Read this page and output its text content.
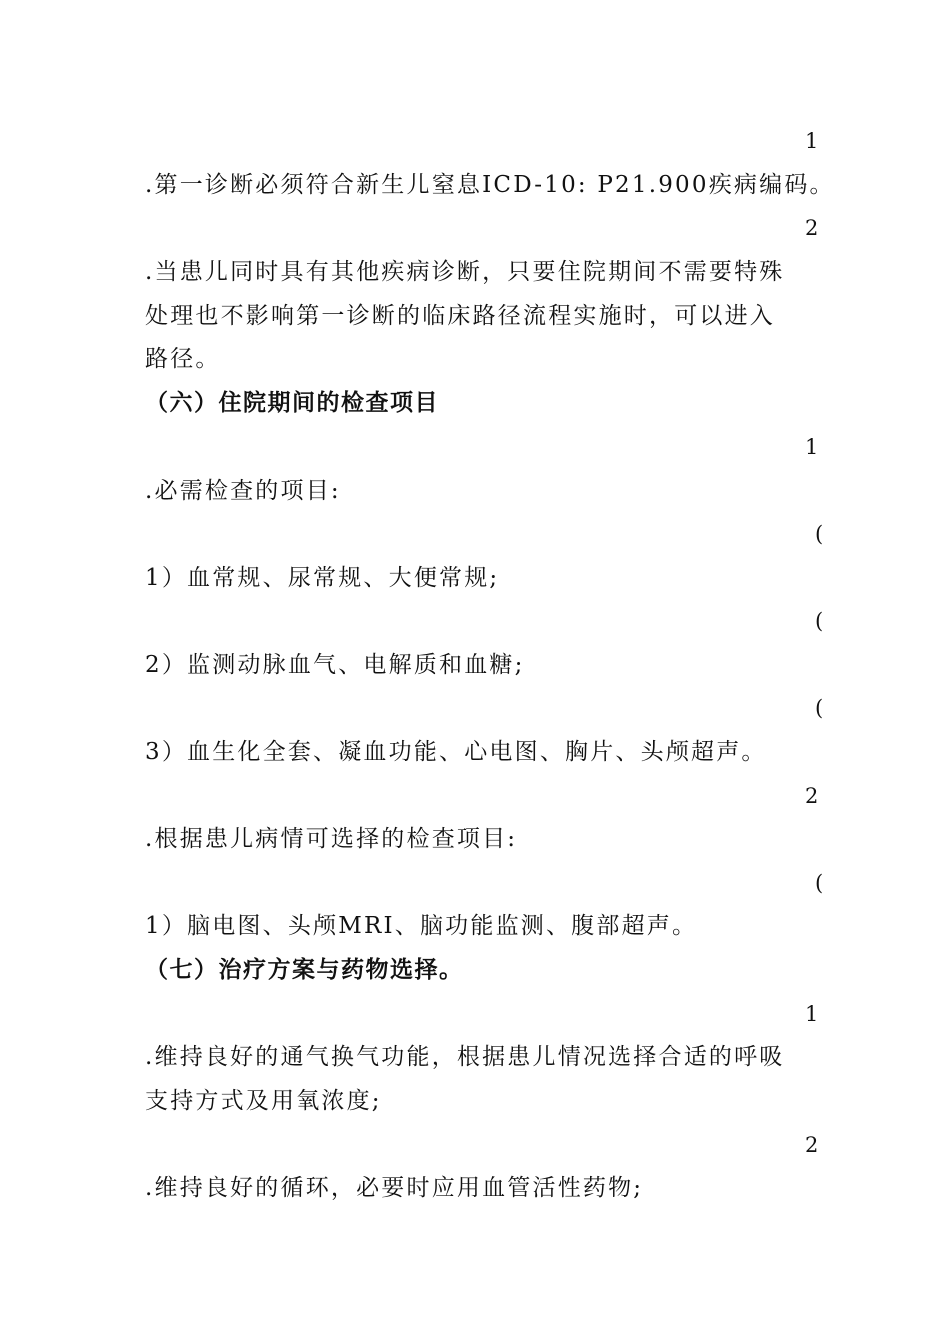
1
.第一诊断必须符合新生儿窒息ICD-10: P21.900疾病编码。
2
.当患儿同时具有其他疾病诊断，只要住院期间不需要特殊
处理也不影响第一诊断的临床路径流程实施时，可以进入
路径。
（六）住院期间的检查项目
1
.必需检查的项目:
(
1）血常规、尿常规、大便常规;
(
2）监测动脉血气、电解质和血糖;
(
3）血生化全套、凝血功能、心电图、胸片、头颅超声。
2
.根据患儿病情可选择的检查项目:
(
1）脑电图、头颅MRI、脑功能监测、腹部超声。
（七）治疗方案与药物选择。
1
.维持良好的通气换气功能，根据患儿情况选择合适的呼吸
支持方式及用氧浓度;
2
.维持良好的循环，必要时应用血管活性药物;
